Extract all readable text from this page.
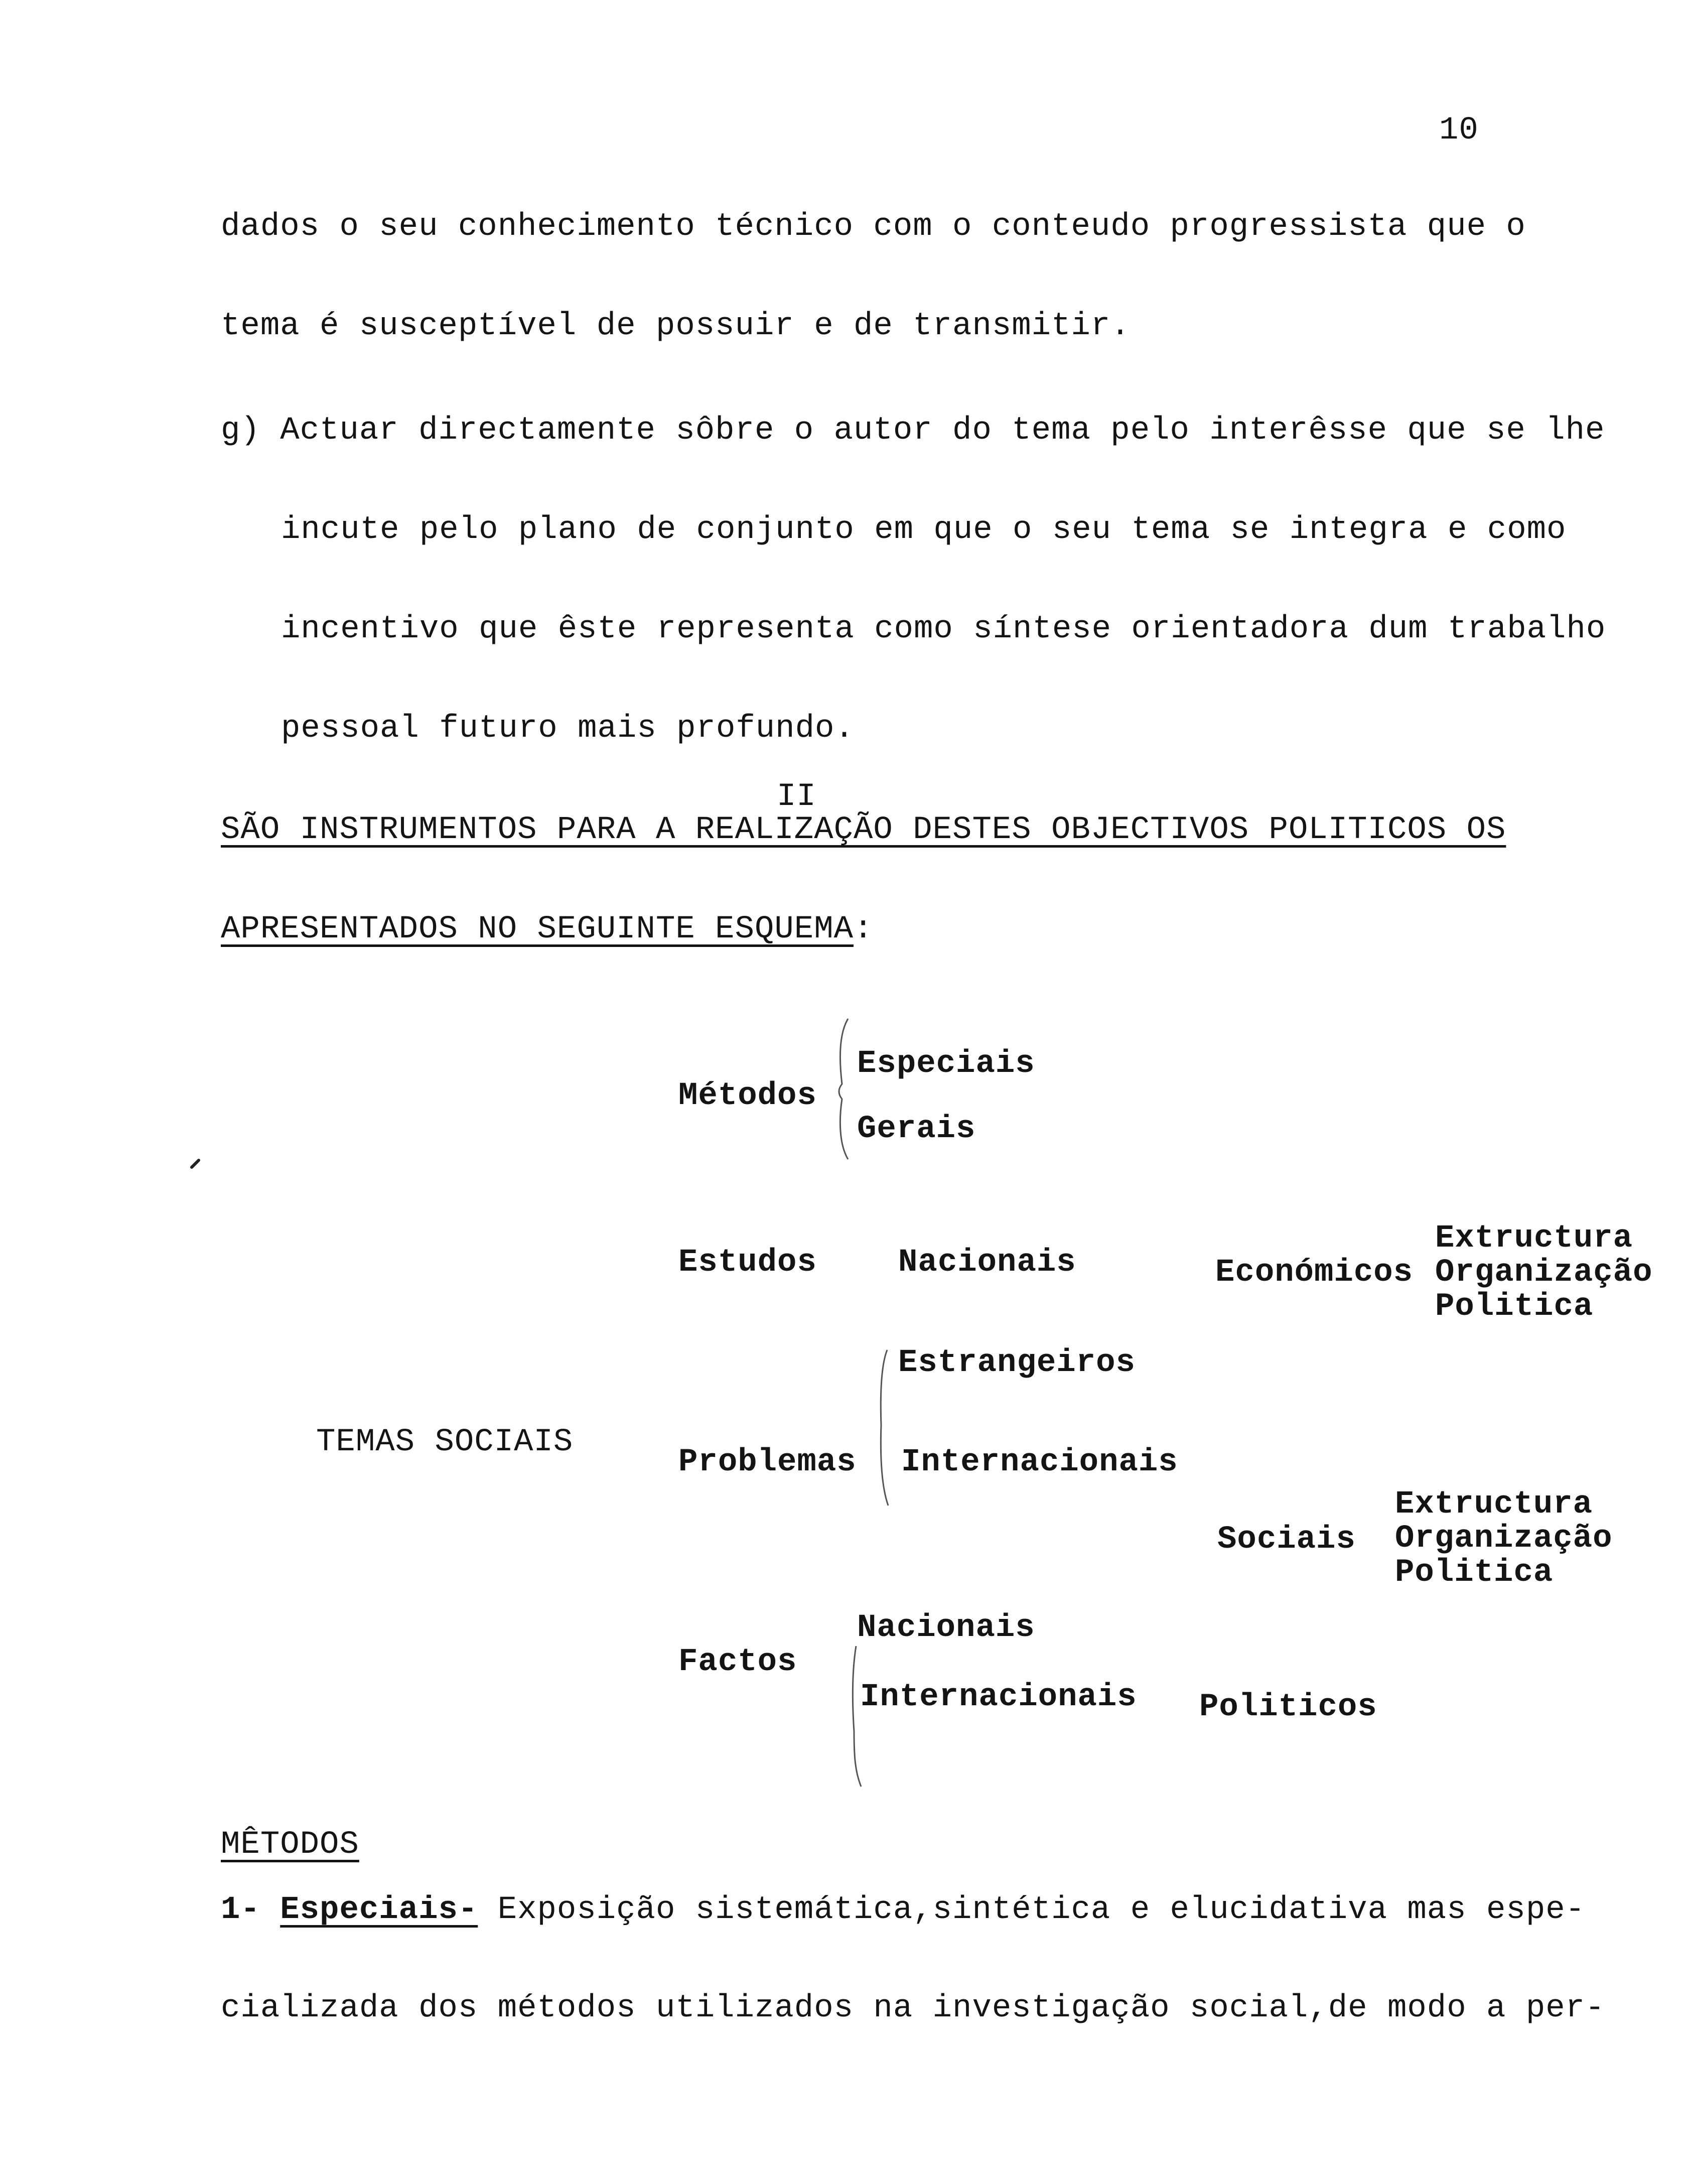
10
dados o seu conhecimento técnico com o conteudo progressista que o
tema é susceptível de possuir e de transmitir.
g) Actuar directamente sôbre o autor do tema pelo interêsse que se lhe
incute pelo plano de conjunto em que o seu tema se integra e como
incentivo que êste representa como síntese orientadora dum trabalho
pessoal futuro mais profundo.
II
SÃO INSTRUMENTOS PARA A REALIZAÇÃO DESTES OBJECTIVOS POLITICOS OS
APRESENTADOS NO SEGUINTE ESQUEMA:
TEMAS SOCIAIS
Métodos
Especiais
Gerais
Estudos	Nacionais
Estrangeiros
Problemas Internacionais
Factos
Nacionais
Internacionais
Económicos
Extructura
Organização
Politica
Sociais
Extructura
Organização
Politica
Politicos
MÊTODOS
1- Especiais- Exposição sistemática,sintética e elucidativa mas espe-
cializada dos métodos utilizados na investigação social,de modo a per-
